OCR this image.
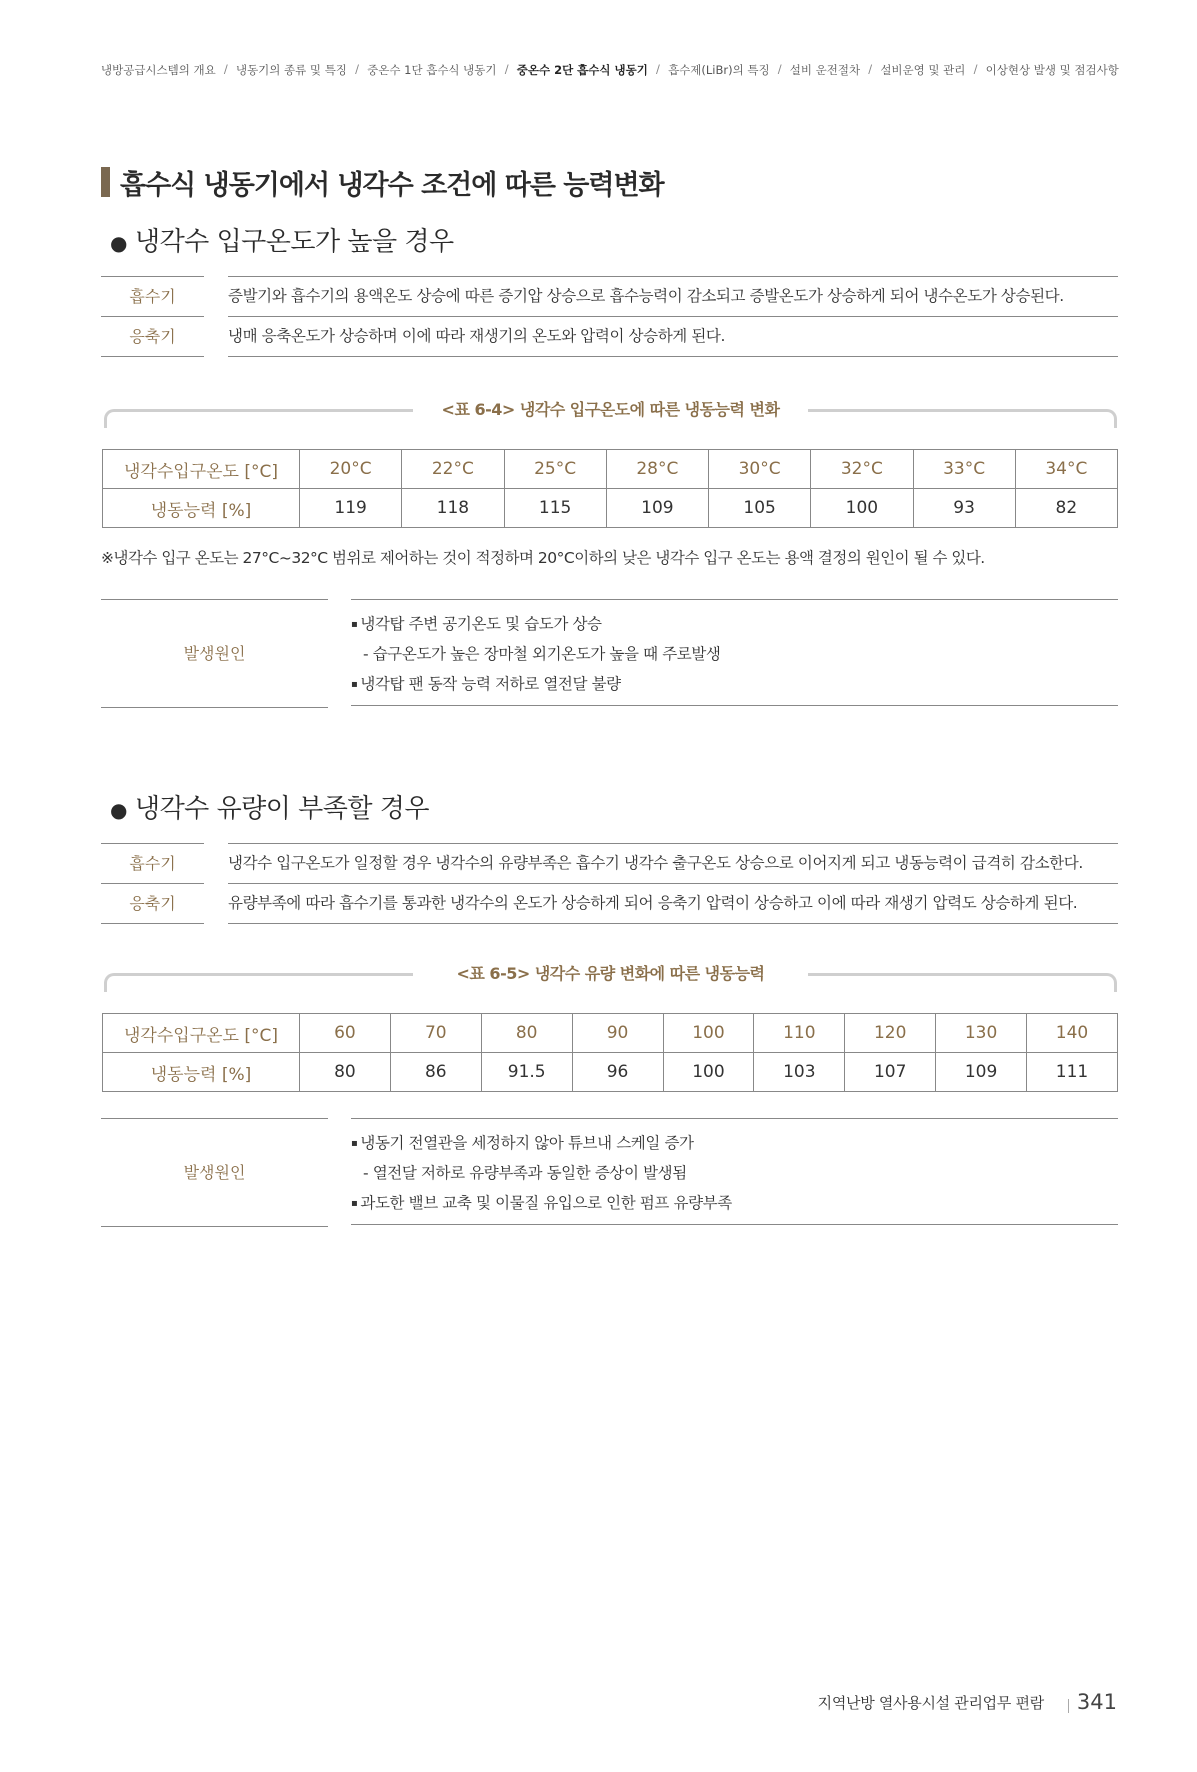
냉방공급시스템의 개요 / 냉동기의 종류 및 특징 / 중온수 1단 흡수식 냉동기 / 중온수 2단 흡수식 냉동기 / 흡수제(LiBr)의 특징 / 설비 운전절차 / 설비운영 및 관리 / 이상현상 발생 및 점검사항
흡수식 냉동기에서 냉각수 조건에 따른 능력변화
● 냉각수 입구온도가 높을 경우
흡수기	증발기와 흡수기의 용액온도 상승에 따른 증기압 상승으로 흡수능력이 감소되고 증발온도가 상승하게 되어 냉수온도가 상승된다.
응축기	냉매 응축온도가 상승하며 이에 따라 재생기의 온도와 압력이 상승하게 된다.
<표 6-4> 냉각수 입구온도에 따른 냉동능력 변화
냉각수입구온도 [°C]	20°C	22°C	25°C	28°C	30°C	32°C	33°C	34°C
냉동능력 [%]	119	118	115	109	105	100	93	82
※냉각수 입구 온도는 27°C~32°C 범위로 제어하는 것이 적정하며 20°C이하의 낮은 냉각수 입구 온도는 용액 결정의 원인이 될 수 있다.
발생원인
▪ 냉각탑 주변 공기온도 및 습도가 상승
- 습구온도가 높은 장마철 외기온도가 높을 때 주로발생
▪ 냉각탑 팬 동작 능력 저하로 열전달 불량
● 냉각수 유량이 부족할 경우
흡수기	냉각수 입구온도가 일정할 경우 냉각수의 유량부족은 흡수기 냉각수 출구온도 상승으로 이어지게 되고 냉동능력이 급격히 감소한다.
응축기	유량부족에 따라 흡수기를 통과한 냉각수의 온도가 상승하게 되어 응축기 압력이 상승하고 이에 따라 재생기 압력도 상승하게 된다.
<표 6-5> 냉각수 유량 변화에 따른 냉동능력
냉각수입구온도 [°C]	60	70	80	90	100	110	120	130	140
냉동능력 [%]	80	86	91.5	96	100	103	107	109	111
발생원인
▪ 냉동기 전열관을 세정하지 않아 튜브내 스케일 증가
- 열전달 저하로 유량부족과 동일한 증상이 발생됨
▪ 과도한 밸브 교축 및 이물질 유입으로 인한 펌프 유량부족
지역난방 열사용시설 관리업무 편람 341
